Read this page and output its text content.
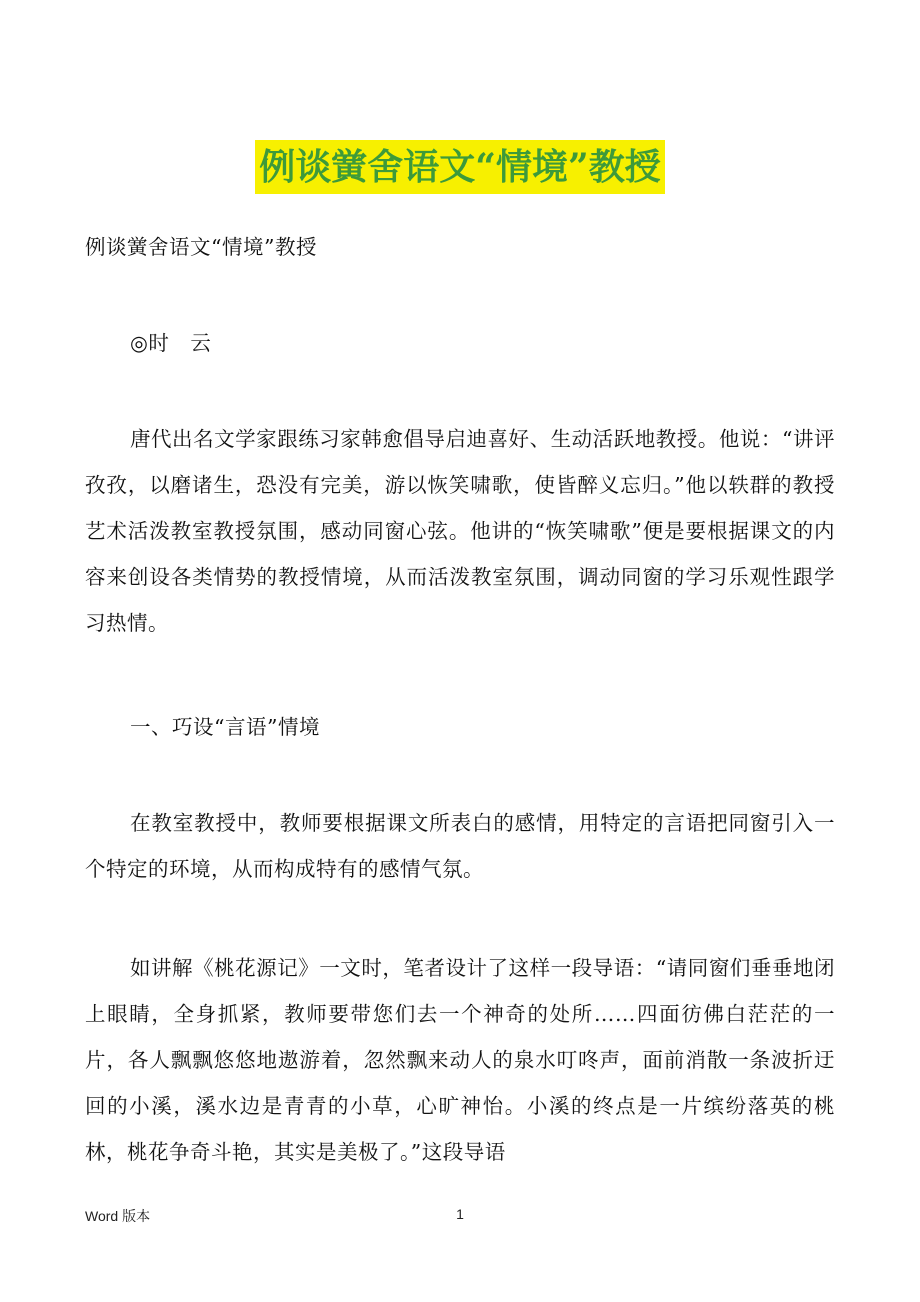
例谈黉舍语文“情境”教授

例谈黉舍语文“情境”教授

◎时　云

唐代出名文学家跟练习家韩愈倡导启迪喜好、生动活跃地教授。他说：“讲评孜孜，以磨诸生，恐没有完美，游以恢笑啸歌，使皆醉义忘归。”他以轶群的教授艺术活泼教室教授氛围，感动同窗心弦。他讲的“恢笑啸歌”便是要根据课文的内容来创设各类情势的教授情境，从而活泼教室氛围，调动同窗的学习乐观性跟学习热情。

一、巧设“言语”情境

在教室教授中，教师要根据课文所表白的感情，用特定的言语把同窗引入一个特定的环境，从而构成特有的感情气氛。

如讲解《桃花源记》一文时，笔者设计了这样一段导语：“请同窗们垂垂地闭上眼睛，全身抓紧，教师要带您们去一个神奇的处所……四面彷佛白茫茫的一片，各人飘飘悠悠地遨游着，忽然飘来动人的泉水叮咚声，面前消散一条波折迂回的小溪，溪水边是青青的小草，心旷神怡。小溪的终点是一片缤纷落英的桃林，桃花争奇斗艳，其实是美极了。”这段导语

Word 版本	1
